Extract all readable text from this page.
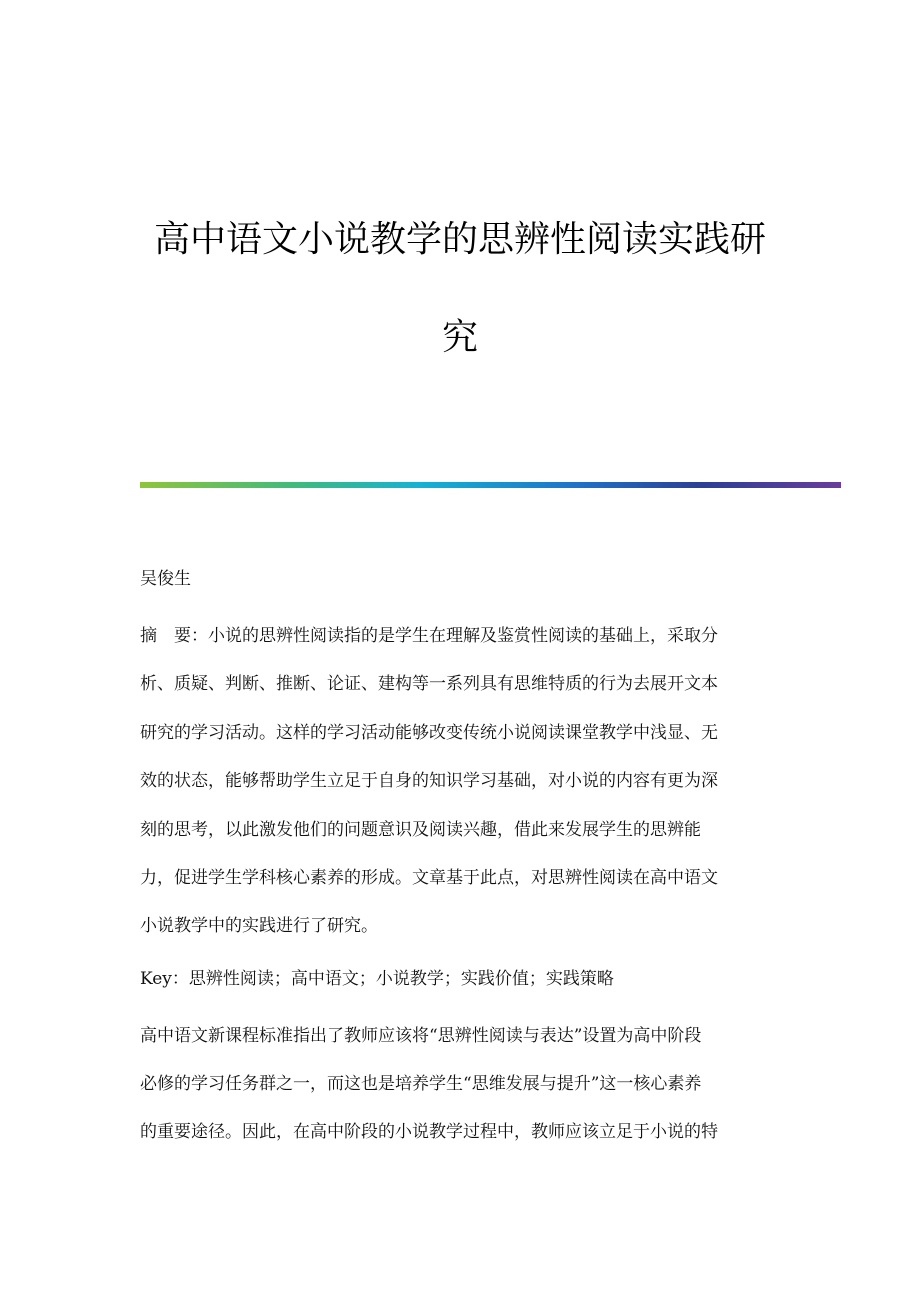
高中语文小说教学的思辨性阅读实践研
究
吴俊生
摘　要：小说的思辨性阅读指的是学生在理解及鉴赏性阅读的基础上，采取分
析、质疑、判断、推断、论证、建构等一系列具有思维特质的行为去展开文本
研究的学习活动。这样的学习活动能够改变传统小说阅读课堂教学中浅显、无
效的状态，能够帮助学生立足于自身的知识学习基础，对小说的内容有更为深
刻的思考，以此激发他们的问题意识及阅读兴趣，借此来发展学生的思辨能
力，促进学生学科核心素养的形成。文章基于此点，对思辨性阅读在高中语文
小说教学中的实践进行了研究。
Key：思辨性阅读；高中语文；小说教学；实践价值；实践策略
高中语文新课程标准指出了教师应该将“思辨性阅读与表达”设置为高中阶段
必修的学习任务群之一，而这也是培养学生“思维发展与提升”这一核心素养
的重要途径。因此，在高中阶段的小说教学过程中，教师应该立足于小说的特
